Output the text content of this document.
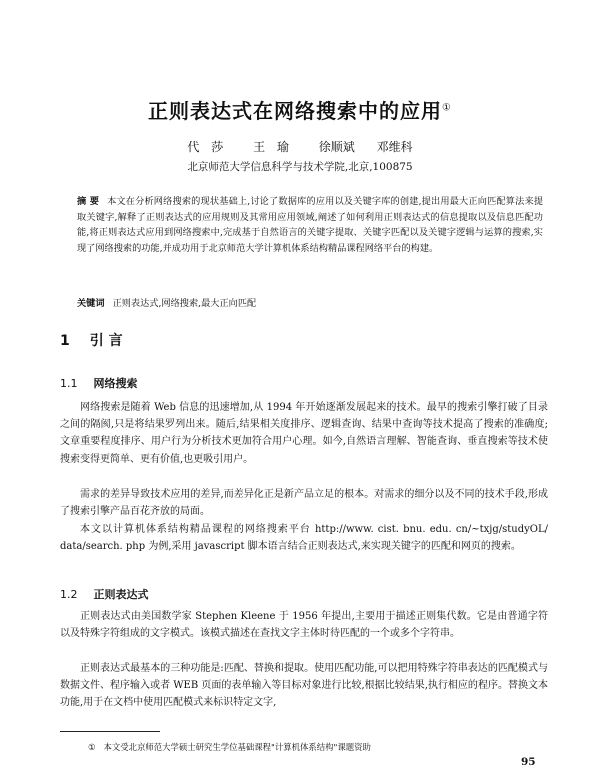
正则表达式在网络搜索中的应用①
代 莎 王 瑜 徐顺斌 邓维科
北京师范大学信息科学与技术学院,北京,100875
摘 要 本文在分析网络搜索的现状基础上,讨论了数据库的应用以及关键字库的创建,提出用最大正向匹配算法来提取关键字,解释了正则表达式的应用规则及其常用应用领域,阐述了如何利用正则表达式的信息提取以及信息匹配功能,将正则表达式应用到网络搜索中,完成基于自然语言的关键字提取、关键字匹配以及关键字逻辑与运算的搜索,实现了网络搜索的功能,并成功用于北京师范大学计算机体系结构精品课程网络平台的构建。
关键词 正则表达式,网络搜索,最大正向匹配
1 引 言
1.1 网络搜索
网络搜索是随着 Web 信息的迅速增加,从 1994 年开始逐渐发展起来的技术。最早的搜索引擎打破了目录之间的隔阂,只是将结果罗列出来。随后,结果相关度排序、逻辑查询、结果中查询等技术提高了搜索的准确度;文章重要程度排序、用户行为分析技术更加符合用户心理。如今,自然语言理解、智能查询、垂直搜索等技术使搜索变得更简单、更有价值,也更吸引用户。
需求的差异导致技术应用的差异,而差异化正是新产品立足的根本。对需求的细分以及不同的技术手段,形成了搜索引擎产品百花齐放的局面。
本文以计算机体系结构精品课程的网络搜索平台 http://www. cist. bnu. edu. cn/~txjg/studyOL/ data/search. php 为例,采用 javascript 脚本语言结合正则表达式,来实现关键字的匹配和网页的搜索。
1.2 正则表达式
正则表达式由美国数学家 Stephen Kleene 于 1956 年提出,主要用于描述正则集代数。它是由普通字符以及特殊字符组成的文字模式。该模式描述在查找文字主体时待匹配的一个或多个字符串。
正则表达式最基本的三种功能是:匹配、替换和提取。使用匹配功能,可以把用特殊字符串表达的匹配模式与数据文件、程序输入或者 WEB 页面的表单输入等目标对象进行比较,根据比较结果,执行相应的程序。替换文本功能,用于在文档中使用匹配模式来标识特定文字,
① 本文受北京师范大学硕士研究生学位基础课程"计算机体系结构"课题资助
95
